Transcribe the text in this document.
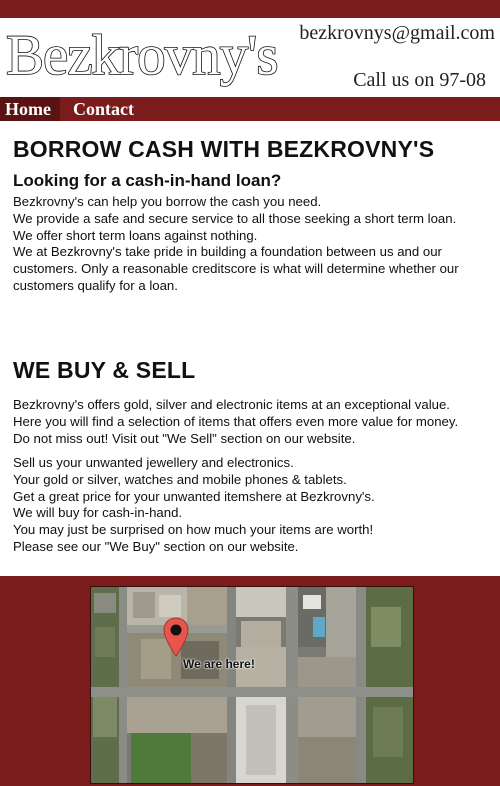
Bezkrovny's bezkrovnys@gmail.com
Call us on 97-08
Home	Contact
BORROW CASH WITH BEZKROVNY'S
Looking for a cash-in-hand loan?
Bezkrovny's can help you borrow the cash you need.
We provide a safe and secure service to all those seeking a short term loan.
We offer short term loans against nothing.
We at Bezkrovny's take pride in building a foundation between us and our customers. Only a reasonable creditscore is what will determine whether our customers qualify for a loan.
WE BUY & SELL
Bezkrovny's offers gold, silver and electronic items at an exceptional value.
Here you will find a selection of items that offers even more value for money.
Do not miss out! Visit out "We Sell" section on our website.
Sell us your unwanted jewellery and electronics.
Your gold or silver, watches and mobile phones & tablets.
Get a great price for your unwanted itemshere at Bezkrovny's.
We will buy for cash-in-hand.
You may just be surprised on how much your items are worth!
Please see our "We Buy" section on our website.
We are here!
